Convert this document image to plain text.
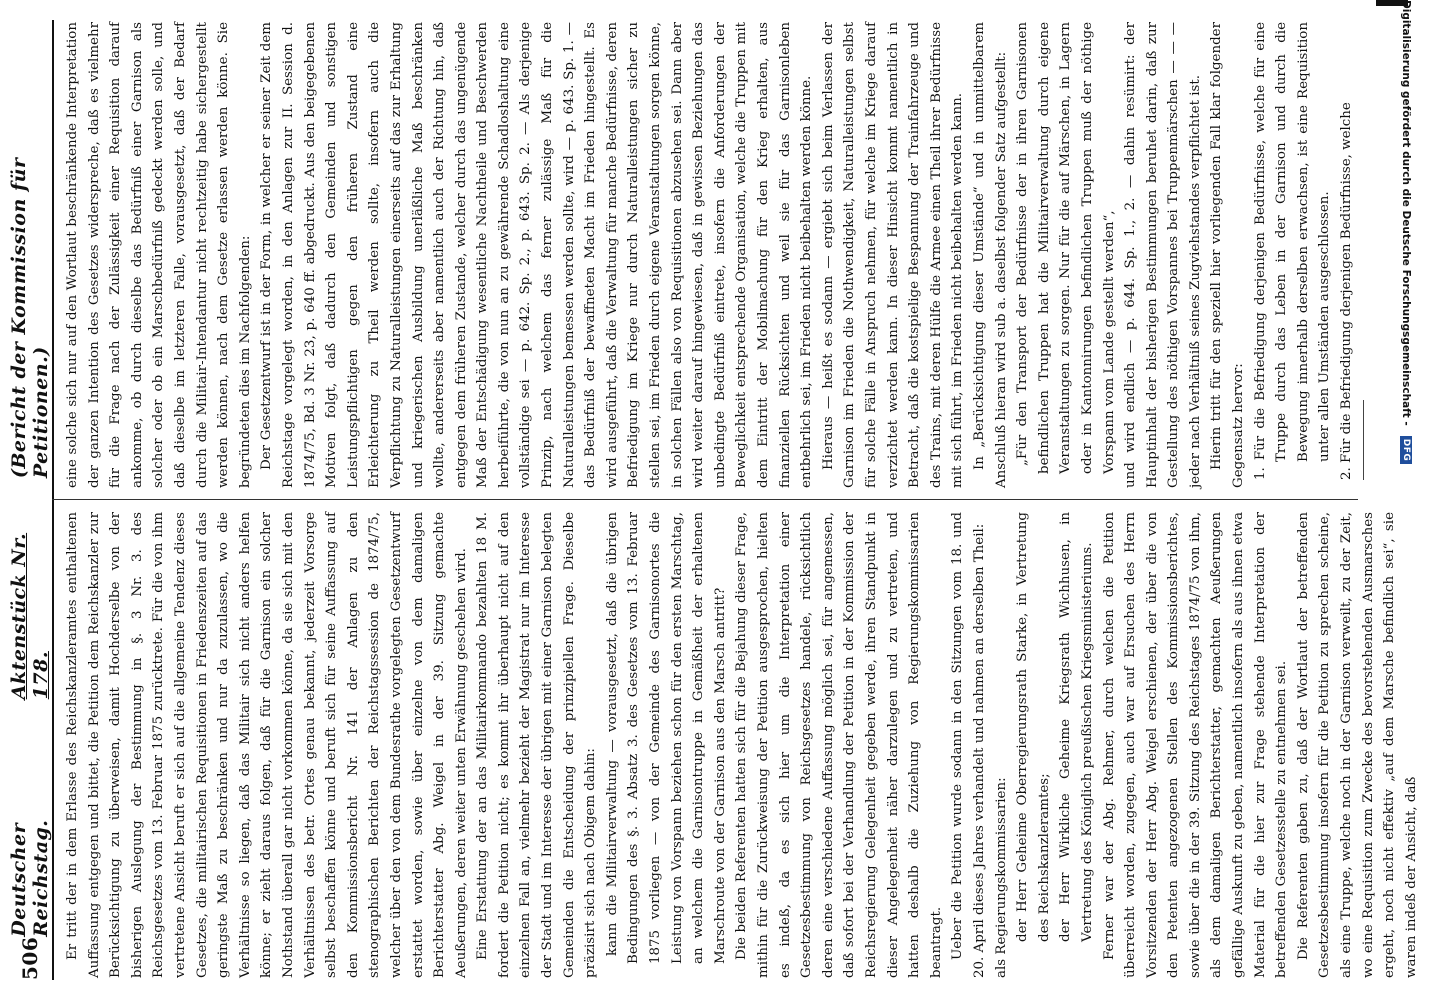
506
Deutscher Reichstag.
Aktenstück Nr. 178.
(Bericht der Kommission für Petitionen.)

Er tritt der in dem Erlasse des Reichskanzleramtes enthaltenen Auffassung entgegen und bittet, die Petition dem Reichskanzler zur Berücksichtigung zu überweisen, damit Hochderselbe von der bisherigen Auslegung der Bestimmung in §. 3 Nr. 3. des Reichsgesetzes vom 13. Februar 1875 zurücktrete. Für die von ihm vertretene Ansicht beruft er sich auf die allgemeine Tendenz dieses Gesetzes, die militairischen Requisitionen in Friedenszeiten auf das geringste Maß zu beschränken und nur da zuzulassen, wo die Verhältnisse so liegen, daß das Militair sich nicht anders helfen könne; er zieht daraus folgen, daß für die Garnison ein solcher Nothstand überall gar nicht vorkommen könne, da sie sich mit den Verhältnissen des betr. Ortes genau bekannt, jederzeit Vorsorge selbst beschaffen könne und beruft sich für seine Auffassung auf den Kommissionsbericht Nr. 141 der Anlagen zu den stenographischen Berichten der Reichstagssession de 1874/75, welcher über den von dem Bundesrathe vorgelegten Gesetzentwurf erstattet worden, sowie über einzelne von dem damaligen Berichterstatter Abg. Weigel in der 39. Sitzung gemachte Aeußerungen, deren weiter unten Erwähnung geschehen wird. Eine Erstattung der an das Militairkommando bezahlten 18 M. fordert die Petition nicht; es kommt ihr überhaupt nicht auf den einzelnen Fall an, vielmehr bezieht der Magistrat nur im Interesse der Stadt und im Interesse der übrigen mit einer Garnison belegten Gemeinden die Entscheidung der prinzipiellen Frage. Dieselbe präzisirt sich nach Obigem dahin: kann die Militairverwaltung — vorausgesetzt, daß die übrigen Bedingungen des §. 3. Absatz 3. des Gesetzes vom 13. Februar 1875 vorliegen — von der Gemeinde des Garnisonortes die Leistung von Vorspann beziehen schon für den ersten Marschtag, an welchem die Garnisontruppe in Gemäßheit der erhaltenen Marschroute von der Garnison aus den Marsch antritt? Die beiden Referenten hatten sich für die Bejahung dieser Frage, mithin für die Zurückweisung der Petition ausgesprochen, hielten es indeß, da es sich hier um die Interpretation einer Gesetzesbestimmung von Reichsgesetzes handele, rücksichtlich deren eine verschiedene Auffassung möglich sei, für angemessen, daß sofort bei der Verhandlung der Petition in der Kommission der Reichsregierung Gelegenheit gegeben werde, ihren Standpunkt in dieser Angelegenheit näher darzulegen und zu vertreten, und hatten deshalb die Zuziehung von Regierungskommissarien beantragt. Ueber die Petition wurde sodann in den Sitzungen vom 18. und 20. April dieses Jahres verhandelt und nahmen an derselben Theil: als Regierungskommissarien: der Herr Geheime Oberregierungsrath Starke, in Vertretung des Reichskanzleramtes; der Herr Wirkliche Geheime Kriegsrath Wichhusen, in Vertretung des Königlich preußischen Kriegsministeriums. Ferner war der Abg. Rehmer, durch welchen die Petition überreicht worden, zugegen, auch war auf Ersuchen des Herrn Vorsitzenden der Herr Abg. Weigel erschienen, der über die von den Petenten angezogenen Stellen des Kommissionsberichtes, sowie über die in der 39. Sitzung des Reichstages 1874/75 von ihm, als dem damaligen Berichterstatter, gemachten Aeußerungen gefällige Auskunft zu geben, namentlich insofern als aus ihnen etwa Material für die hier zur Frage stehende Interpretation der betreffenden Gesetzesstelle zu entnehmen sei. Die Referenten gaben zu, daß der Wortlaut der betreffenden Gesetzesbestimmung insofern für die Petition zu sprechen scheine, als eine Truppe, welche noch in der Garnison verweilt, zu der Zeit, wo eine Requisition zum Zwecke des bevorstehenden Ausmarsches ergeht, noch nicht effektiv „auf dem Marsche befindlich sei“, sie waren indeß der Ansicht, daß

eine solche sich nur auf den Wortlaut beschränkende Interpretation der ganzen Intention des Gesetzes widerspreche, daß es vielmehr für die Frage nach der Zulässigkeit einer Requisition darauf ankomme, ob durch dieselbe das Bedürfniß einer Garnison als solcher oder ob ein Marschbedürfniß gedeckt werden solle, und daß dieselbe im letzteren Falle, vorausgesetzt, daß der Bedarf durch die Militair-Intendantur nicht rechtzeitig habe sichergestellt werden können, nach dem Gesetze erlassen werden könne. Sie begründeten dies im Nachfolgenden: Der Gesetzentwurf ist in der Form, in welcher er seiner Zeit dem Reichstage vorgelegt worden, in den Anlagen zur II. Session d. 1874/75, Bd. 3 Nr. 23, p. 640 ff. abgedruckt. Aus den beigegebenen Motiven folgt, daß dadurch den Gemeinden und sonstigen Leistungspflichtigen gegen den früheren Zustand eine Erleichterung zu Theil werden sollte, insofern auch die Verpflichtung zu Naturalleistungen einerseits auf das zur Erhaltung und kriegerischen Ausbildung unerläßliche Maß beschränken wollte, andererseits aber namentlich auch der Richtung hin, daß entgegen dem früheren Zustande, welcher durch das ungenügende Maß der Entschädigung wesentliche Nachtheile und Beschwerden herbeiführte, die von nun an zu gewährende Schadloshaltung eine vollständige sei — p. 642. Sp. 2., p. 643. Sp. 2. — Als derjenige Prinzip, nach welchem das ferner zulässige Maß für die Naturalleistungen bemessen werden sollte, wird — p. 643. Sp. 1. — das Bedürfniß der bewaffneten Macht im Frieden hingestellt. Es wird ausgeführt, daß die Verwaltung für manche Bedürfnisse, deren Befriedigung im Kriege nur durch Naturalleistungen sicher zu stellen sei, im Frieden durch eigene Veranstaltungen sorgen könne, in solchen Fällen also von Requisitionen abzusehen sei. Dann aber wird weiter darauf hingewiesen, daß in gewissen Beziehungen das unbedingte Bedürfniß eintrete, insofern die Anforderungen der Beweglichkeit entsprechende Organisation, welche die Truppen mit dem Eintritt der Mobilmachung für den Krieg erhalten, aus finanziellen Rücksichten und weil sie für das Garnisonleben entbehrlich sei, im Frieden nicht beibehalten werden könne. Hieraus — heißt es sodann — ergiebt sich beim Verlassen der Garnison im Frieden die Nothwendigkeit, Naturalleistungen selbst für solche Fälle in Anspruch nehmen, für welche im Kriege darauf verzichtet werden kann. In dieser Hinsicht kommt namentlich in Betracht, daß die kostspielige Bespannung der Trainfahrzeuge und des Trains, mit deren Hülfe die Armee einen Theil ihrer Bedürfnisse mit sich führt, im Frieden nicht beibehalten werden kann. In „Berücksichtigung dieser Umstände“ und in unmittelbarem Anschluß hieran wird sub a. daselbst folgender Satz aufgestellt: „Für den Transport der Bedürfnisse der in ihren Garnisonen befindlichen Truppen hat die Militairverwaltung durch eigene Veranstaltungen zu sorgen. Nur für die auf Märschen, in Lagern oder in Kantonnirungen befindlichen Truppen muß der nöthige Vorspann vom Lande gestellt werden“, und wird endlich — p. 644. Sp. 1., 2. — dahin resümirt: der Hauptinhalt der bisherigen Bestimmungen beruhet darin, daß zur Gestellung des nöthigen Vorspannes bei Truppenmärschen — — — jeder nach Verhältniß seines Zugviehstandes verpflichtet ist. Hierin tritt für den speziell hier vorliegenden Fall klar folgender Gegensatz hervor: 1. Für die Befriedigung derjenigen Bedürfnisse, welche für eine Truppe durch das Leben in der Garnison und durch die Bewegung innerhalb derselben erwachsen, ist eine Requisition unter allen Umständen ausgeschlossen. 2. Für die Befriedigung derjenigen Bedürfnisse, welche	Digitalisierung gefördert durch die Deutsche Forschungsgemeinschaft -
DFG
